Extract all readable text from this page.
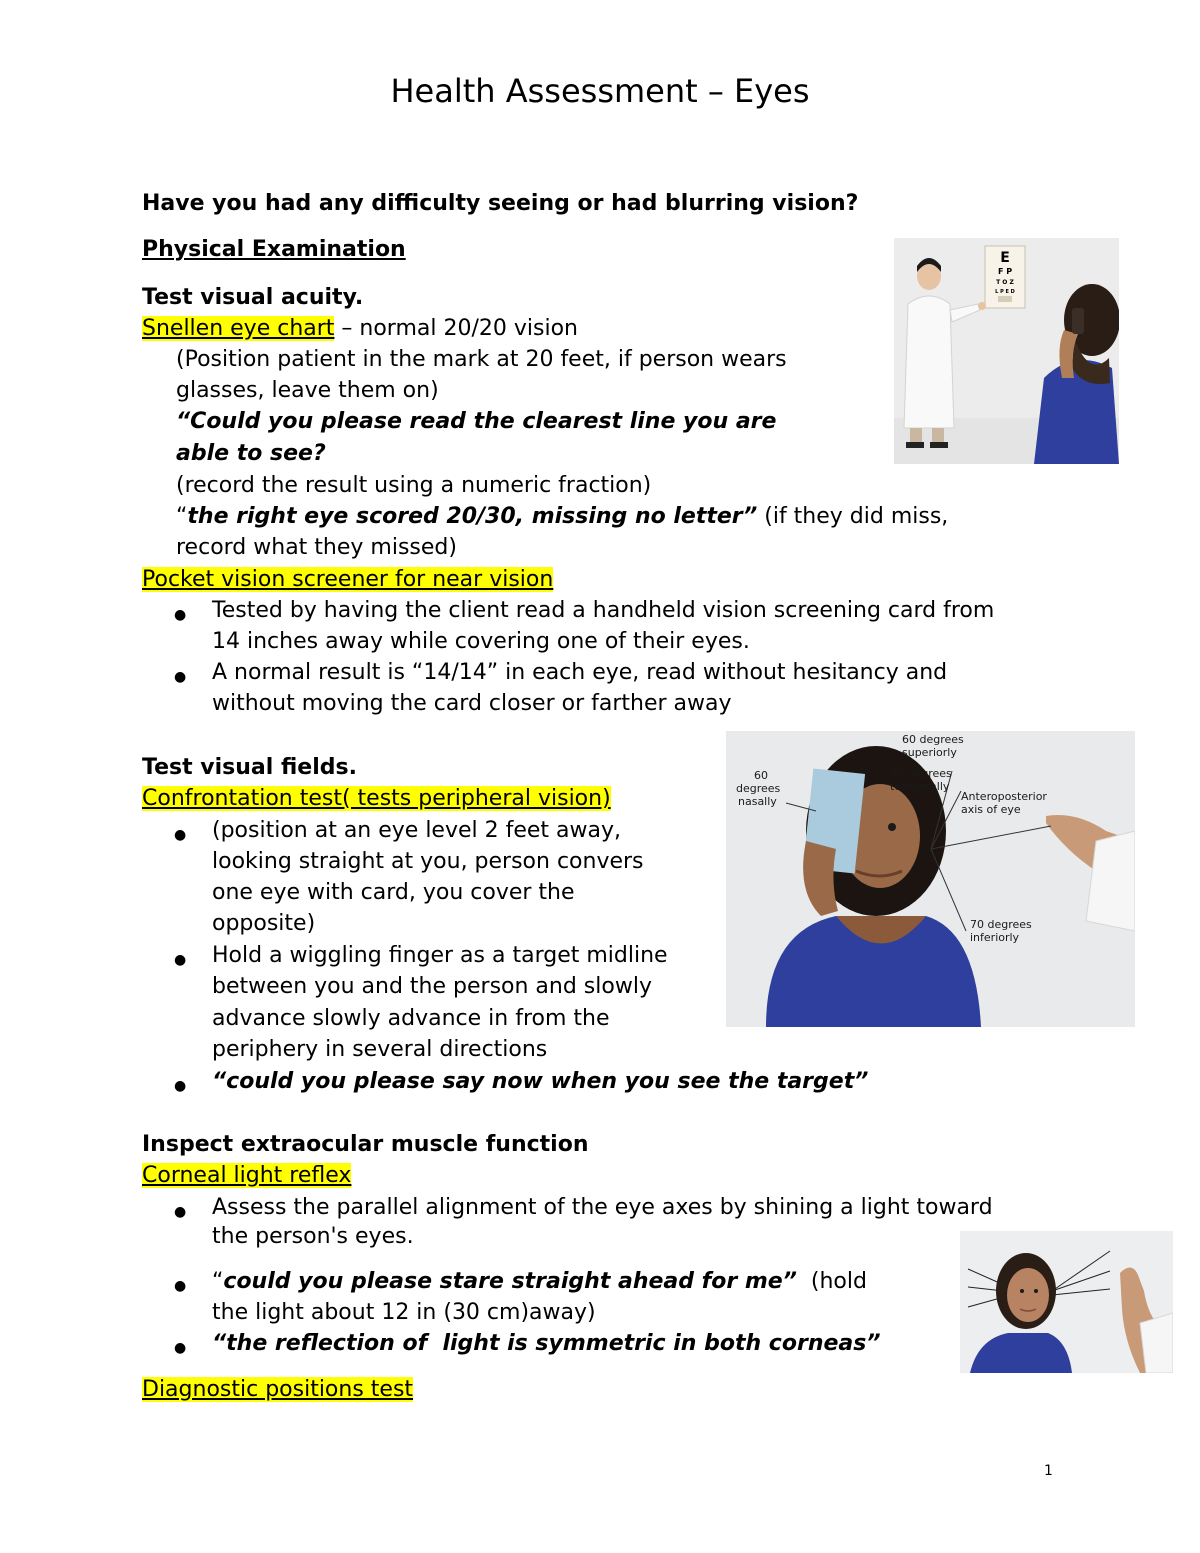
Health Assessment – Eyes
Have you had any difficulty seeing or had blurring vision?
Physical Examination
Test visual acuity.
Snellen eye chart – normal 20/20 vision
(Position patient in the mark at 20 feet, if person wears
glasses, leave them on)
“Could you please read the clearest line you are
able to see?
(record the result using a numeric fraction)
“the right eye scored 20/30, missing no letter” (if they did miss,
record what they missed)
Pocket vision screener for near vision
● Tested by having the client read a handheld vision screening card from
14 inches away while covering one of their eyes.
● A normal result is “14/14” in each eye, read without hesitancy and
without moving the card closer or farther away
Test visual fields.
Confrontation test( tests peripheral vision)
● (position at an eye level 2 feet away,
looking straight at you, person convers
one eye with card, you cover the
opposite)
● Hold a wiggling finger as a target midline
between you and the person and slowly
advance slowly advance in from the
periphery in several directions
● “could you please say now when you see the target”
Inspect extraocular muscle function
Corneal light reflex
● Assess the parallel alignment of the eye axes by shining a light toward
the person's eyes.
● “could you please stare straight ahead for me”  (hold
the light about 12 in (30 cm)away)
● “the reflection of  light is symmetric in both corneas”
Diagnostic positions test
1
E
F P
T O Z
L P E D
60 degrees
superiorly
90 degrees
temporally
60
degrees
nasally	Anteroposterior
axis of eye
70 degrees
inferiorly
